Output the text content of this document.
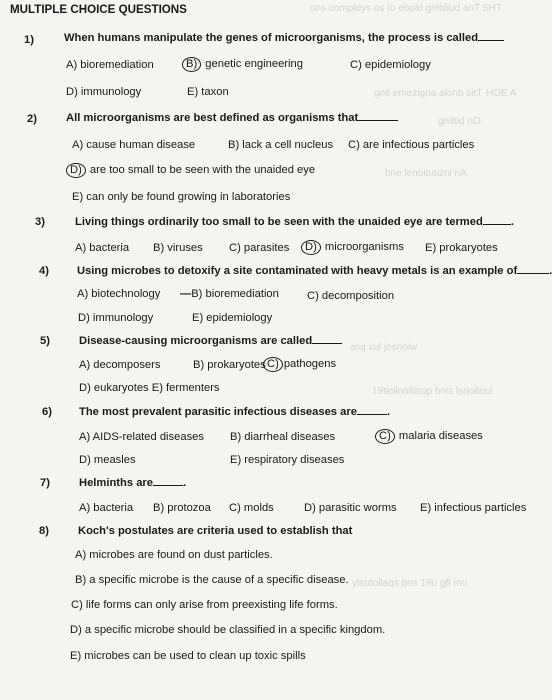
ons compleys os to ebold gnibliud anT SHT
gnittid nO
bne lenoitutizni nA
HOE A
gnit emezigna alonb sitT
aiuj xul jesnoiw
19ticilnoltisup bnis lsnoltoul
ylsutollaqs bns 19u gfl mo
MULTIPLE CHOICE QUESTIONS
1)	When humans manipulate the genes of microorganisms, the process is called
A) bioremediation	B) genetic engineering	C) epidemiology
D) immunology	E) taxon
2)	All microorganisms are best defined as organisms that
A) cause human disease	B) lack a cell nucleus C) are infectious particles
D) are too small to be seen with the unaided eye
E) can only be found growing in laboratories
3)	Living things ordinarily too small to be seen with the unaided eye are termed	.
A) bacteria B) viruses C) parasites	D) microorganisms E) prokaryotes
4)	Using microbes to detoxify a site contaminated with heavy metals is an example of	.
A) biotechnology —B) bioremediation	C) decomposition
D) immunology	E) epidemiology
5)	Disease-causing microorganisms are called
A) decomposers	B) prokaryotes C) pathogens
D) eukaryotes E) fermenters
6) The most prevalent parasitic infectious diseases are	.
A) AIDS-related diseases B) diarrheal diseases	C) malaria diseases
D) measles	E) respiratory diseases
7)	Helminths are	.
A) bacteria B) protozoa C) molds	D) parasitic worms E) infectious particles
8)	Koch's postulates are criteria used to establish that
A) microbes are found on dust particles.
B) a specific microbe is the cause of a specific disease.
C) life forms can only arise from preexisting life forms.
D) a specific microbe should be classified in a specific kingdom.
E) microbes can be used to clean up toxic spills
